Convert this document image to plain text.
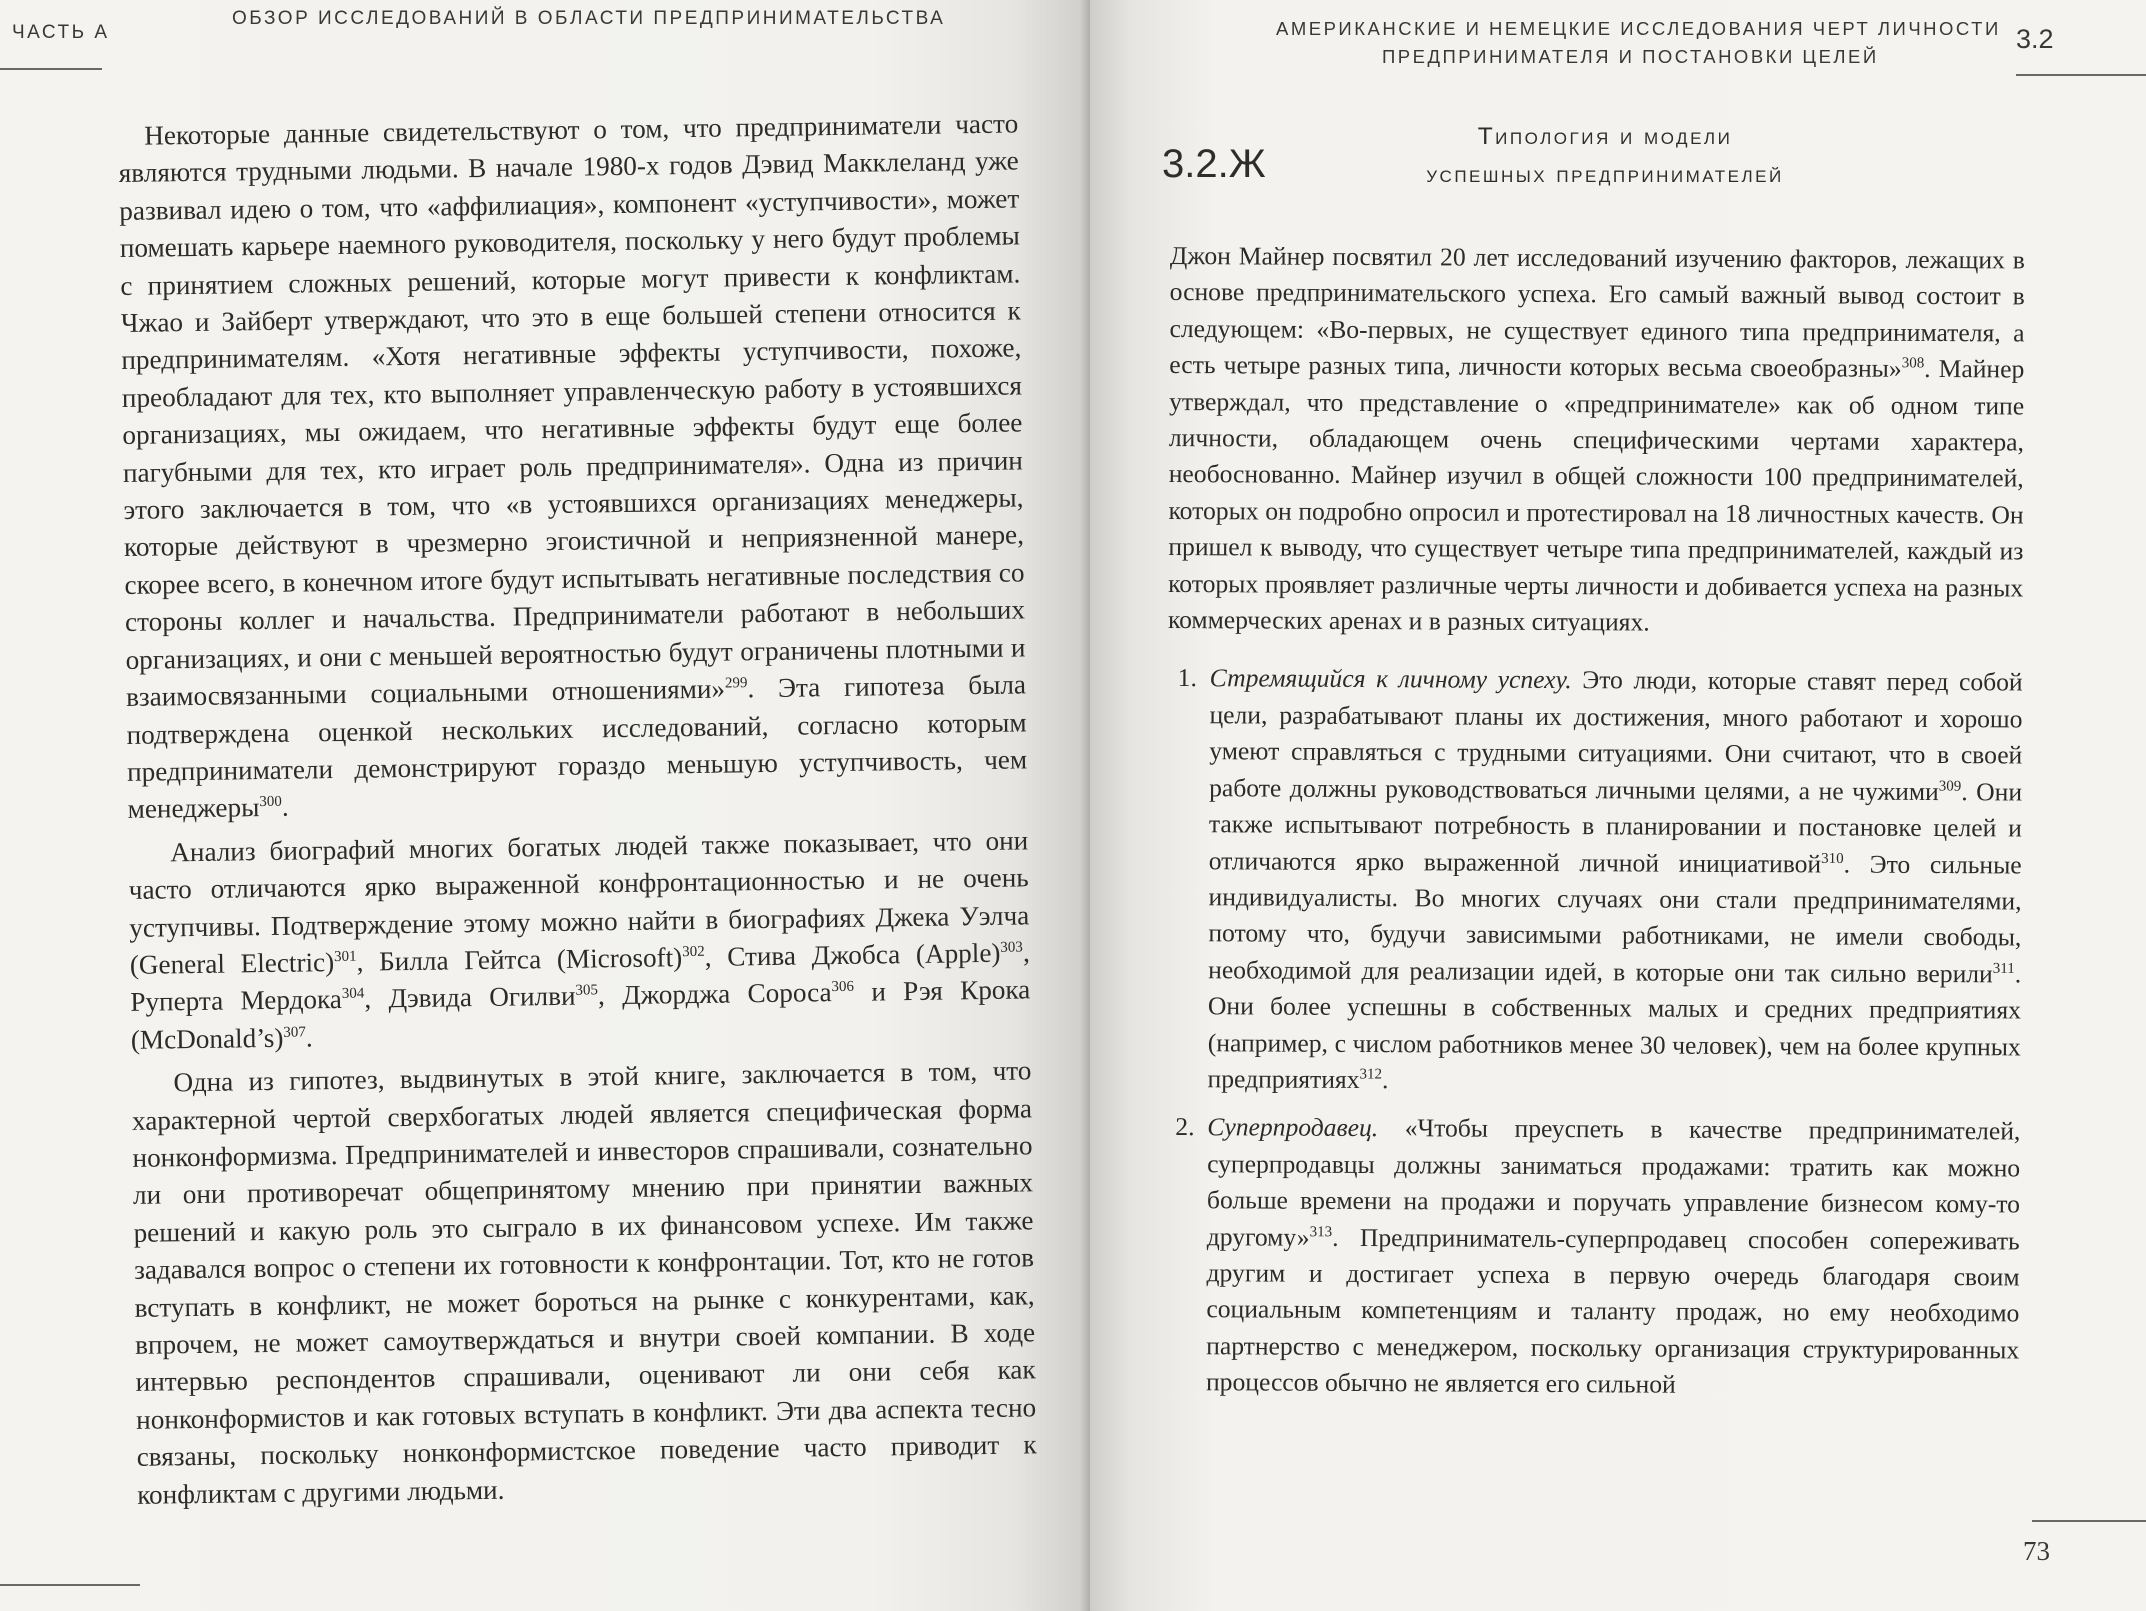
ЧАСТЬ А
ОБЗОР ИССЛЕДОВАНИЙ В ОБЛАСТИ ПРЕДПРИНИМАТЕЛЬСТВА

Некоторые данные свидетельствуют о том, что предприниматели часто являются трудными людьми. В начале 1980-х годов Дэвид Макклеланд уже развивал идею о том, что «аффилиация», компонент «уступчивости», может помешать карьере наемного руководителя, поскольку у него будут проблемы с принятием сложных решений, которые могут привести к конфликтам. Чжао и Зайберт утверждают, что это в еще большей степени относится к предпринимателям. «Хотя негативные эффекты уступчивости, похоже, преобладают для тех, кто выполняет управленческую работу в устоявшихся организациях, мы ожидаем, что негативные эффекты будут еще более пагубными для тех, кто играет роль предпринимателя». Одна из причин этого заключается в том, что «в устоявшихся организациях менеджеры, которые действуют в чрезмерно эгоистичной и неприязненной манере, скорее всего, в конечном итоге будут испытывать негативные последствия со стороны коллег и начальства. Предприниматели работают в небольших организациях, и они с меньшей вероятностью будут ограничены плотными и взаимосвязанными социальными отношениями»$^{299}$. Эта гипотеза была подтверждена оценкой нескольких исследований, согласно которым предприниматели демонстрируют гораздо меньшую уступчивость, чем менеджеры$^{300}$.

Анализ биографий многих богатых людей также показывает, что они часто отличаются ярко выраженной конфронтационностью и не очень уступчивы. Подтверждение этому можно найти в биографиях Джека Уэлча (General Electric)$^{301}$, Билла Гейтса (Microsoft)$^{302}$, Стива Джобса (Apple)$^{303}$, Руперта Мердока$^{304}$, Дэвида Огилви$^{305}$, Джорджа Сороса$^{306}$ и Рэя Крока (McDonald’s)$^{307}$.

Одна из гипотез, выдвинутых в этой книге, заключается в том, что характерной чертой сверхбогатых людей является специфическая форма нонконформизма. Предпринимателей и инвесторов спрашивали, сознательно ли они противоречат общепринятому мнению при принятии важных решений и какую роль это сыграло в их финансовом успехе. Им также задавался вопрос о степени их готовности к конфронтации. Тот, кто не готов вступать в конфликт, не может бороться на рынке с конкурентами, как, впрочем, не может самоутверждаться и внутри своей компании. В ходе интервью респондентов спрашивали, оценивают ли они себя как нонконформистов и как готовых вступать в конфликт. Эти два аспекта тесно связаны, поскольку нонконформистское поведение часто приводит к конфликтам с другими людьми.

АМЕРИКАНСКИЕ И НЕМЕЦКИЕ ИССЛЕДОВАНИЯ ЧЕРТ ЛИЧНОСТИ
ПРЕДПРИНИМАТЕЛЯ И ПОСТАНОВКИ ЦЕЛЕЙ
3.2
3.2.Ж
Типология и модели
успешных предпринимателей

Джон Майнер посвятил 20 лет исследований изучению факторов, лежащих в основе предпринимательского успеха. Его самый важный вывод состоит в следующем: «Во-первых, не существует единого типа предпринимателя, а есть четыре разных типа, личности которых весьма своеобразны»$^{308}$. Майнер утверждал, что представление о «предпринимателе» как об одном типе личности, обладающем очень специфическими чертами характера, необоснованно. Майнер изучил в общей сложности 100 предпринимателей, которых он подробно опросил и протестировал на 18 личностных качеств. Он пришел к выводу, что существует четыре типа предпринимателей, каждый из которых проявляет различные черты личности и добивается успеха на разных коммерческих аренах и в разных ситуациях.

1. Стремящийся к личному успеху. Это люди, которые ставят перед собой цели, разрабатывают планы их достижения, много работают и хорошо умеют справляться с трудными ситуациями. Они считают, что в своей работе должны руководствоваться личными целями, а не чужими$^{309}$. Они также испытывают потребность в планировании и постановке целей и отличаются ярко выраженной личной инициативой$^{310}$. Это сильные индивидуалисты. Во многих случаях они стали предпринимателями, потому что, будучи зависимыми работниками, не имели свободы, необходимой для реализации идей, в которые они так сильно верили$^{311}$. Они более успешны в собственных малых и средних предприятиях (например, с числом работников менее 30 человек), чем на более крупных предприятиях$^{312}$.
2. Суперпродавец. «Чтобы преуспеть в качестве предпринимателей, суперпродавцы должны заниматься продажами: тратить как можно больше времени на продажи и поручать управление бизнесом кому-то другому»$^{313}$. Предприниматель-суперпродавец способен сопереживать другим и достигает успеха в первую очередь благодаря своим социальным компетенциям и таланту продаж, но ему необходимо партнерство с менеджером, поскольку организация структурированных процессов обычно не является его сильной
73
